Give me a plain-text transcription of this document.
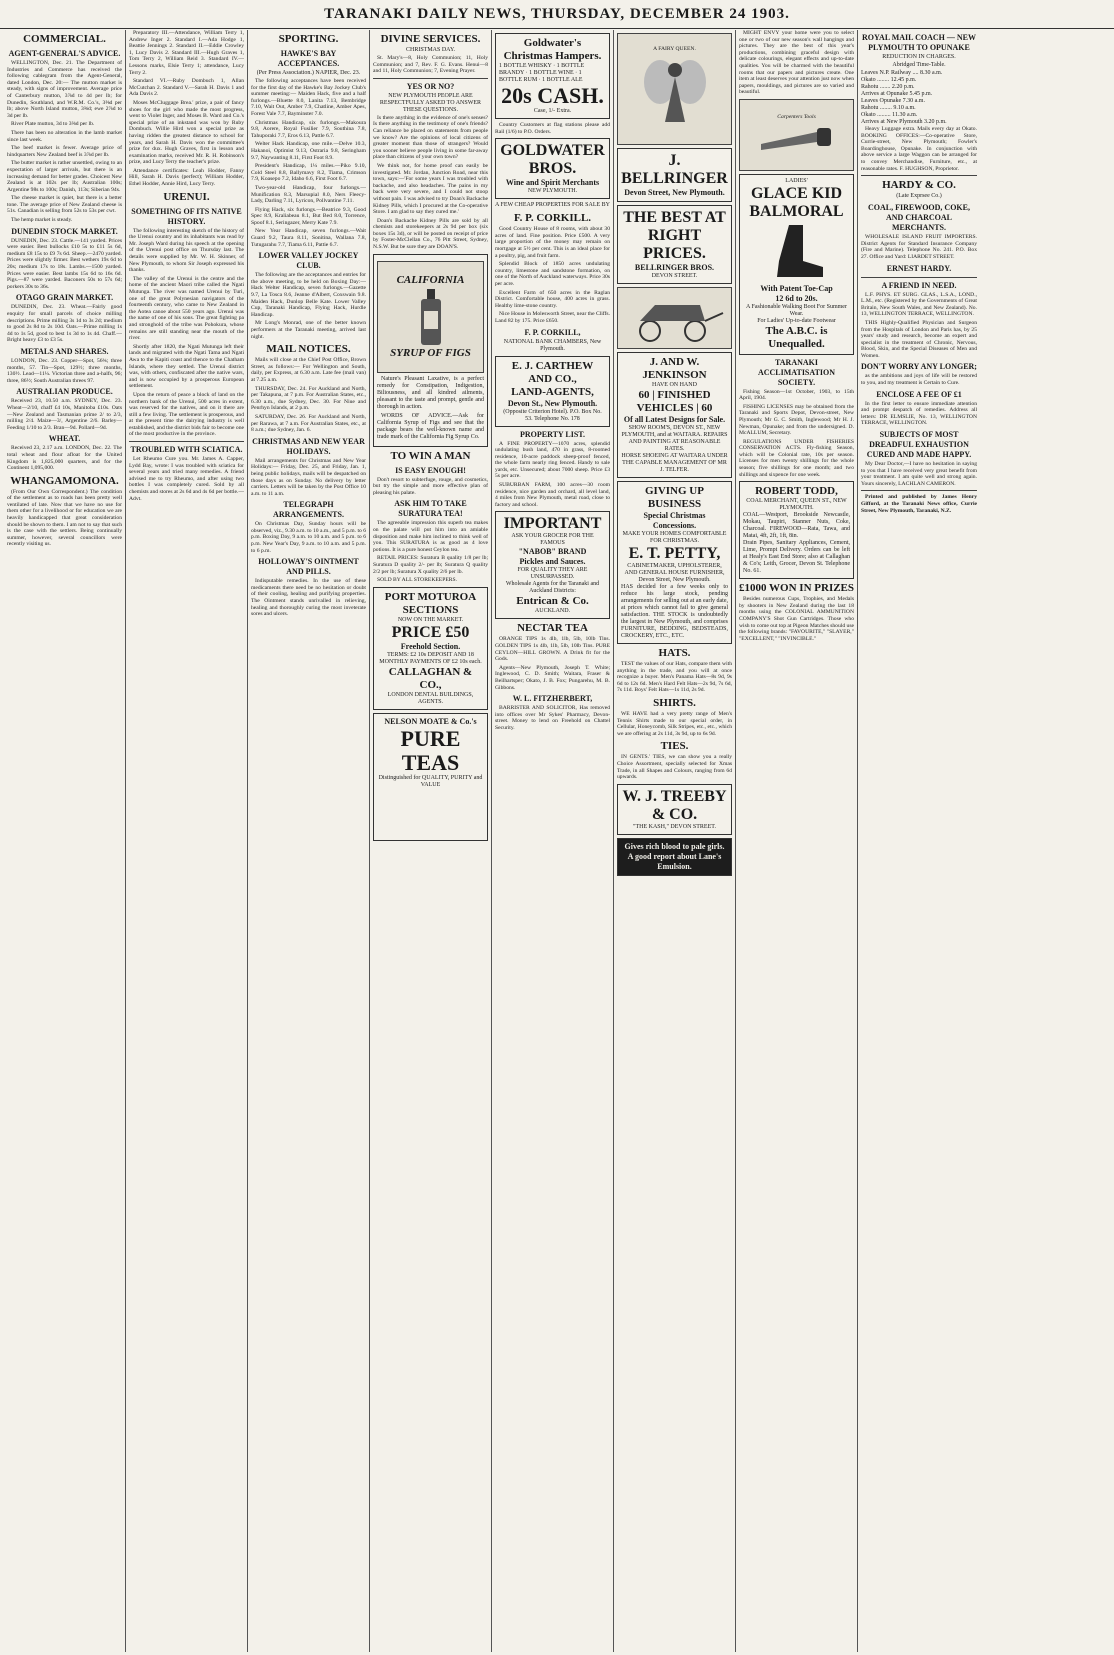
TARANAKI DAILY NEWS, THURSDAY, DECEMBER 24 1903.
COMMERCIAL.
AGENT-GENERAL'S ADVICE.

WELLINGTON, Dec. 21. The Department of Industries and Commerce has received the following cablegram from the Agent-General, dated London, Dec. 20:— The mutton market is steady, with signs of improvement. Average price of Canterbury mutton, 3⅞d to 4d per lb; for Dunedin, Southland, and W.R.M. Co.'s, 3⅝d per lb; above North Island mutton, 3⅜d; ewe 2⅞d to 3d per lb.

River Plate mutton, 3d to 3⅜d per lb.

There has been no alteration in the lamb market since last week.

The beef market is fewer. Average price of hindquarters New Zealand beef is 3⅞d per lb.

The butter market is rather unsettled, owing to an expectation of larger arrivals, but there is an increasing demand for better grades. Choicest New Zealand is at 102s per lb; Australian 100s; Argentine 98s to 100s; Danish, 113s; Siberian 94s.

The cheese market is quiet, but there is a better tone. The average price of New Zealand cheese is 51s. Canadian is selling from 52s to 53s per cwt.

The hemp market is steady.

DUNEDIN STOCK MARKET.

DUNEDIN, Dec. 23. Cattle.—141 yarded. Prices were easier. Best bullocks £10 5s to £11 5s 6d, medium £8 15s to £9 7s 6d. Sheep.—2470 yarded. Prices were slightly firmer. Best wethers 19s 6d to 20s; medium 17s to 18s. Lambs.—1500 yarded. Prices were easier. Best lambs 15s 6d to 16s 6d. Pigs.—87 were yarded. Baconers 50s to 57s 6d; porkers 30s to 36s.

OTAGO GRAIN MARKET.

DUNEDIN, Dec. 23. Wheat.—Fairly good enquiry for small parcels of choice milling descriptions. Prime milling 3s 1d to 3s 2d; medium to good 2s 8d to 2s 10d. Oats.—Prime milling 1s 4d to 1s 5d, good to best 1s 3d to 1s 4d. Chaff.—Bright heavy £3 to £3 5s.

METALS AND SHARES.

LONDON, Dec. 23. Copper—Spot, 56¾; three months, 57. Tin—Spot, 129½; three months, 130½. Lead—11¼. Victorian three and a-halfs, 96; three, 86½; South Australian threes 97.

AUSTRALIAN PRODUCE.

Received 23, 10.50 a.m. SYDNEY, Dec. 23. Wheat—2/10, chaff £4 10s, Manitoba £10s. Oats—New Zealand and Tasmanian prime 2/ to 2/3, milling 2/4. Maize—3/, Argentine 2/6. Barley—Feeding 1/10 to 2/3. Bran—9d. Pollard—9d.

WHEAT.

Received 23, 2.17 a.m. LONDON, Dec. 22. The total wheat and flour afloat for the United Kingdom is 1,825,000 quarters, and for the Continent 1,095,000.

WHANGAMOMONA.

(From Our Own Correspondent.) The condition of the settlement as to roads has been pretty well ventilated of late. Now that we have no use for them other for a livelihood or for education we are heavily handicapped that great consideration should be shown to them. I am not to say that such is the case with the settlers. Being continually summer, however, several councillors were recently visiting us.

Preparatory III.—Attendance, William Terry 1, Andrew Inger 2. Standard I.—Ada Hodge 1, Beattie Jennings 2. Standard II.—Eddie Crowley 1, Lucy Davis 2. Standard III.—Hugh Graves 1, Tom Terry 2, William Reid 3. Standard IV.—Lessons marks, Elsie Terry 1; attendance, Lucy Terry 2.

Standard VI.—Ruby Dombuch 1, Allan McCutchan 2. Standard V.—Sarah H. Davis 1 and Ada Davis 2.

Moses McCluggage Brea.' prize, a pair of fancy shoes for the girl who made the most progress, went to Violet Inger, and Moses B. Ward and Co.'s special prize of an inkstand was won by Ruby Dombuch. Willie Hird won a special prize as having ridden the greatest distance to school for years, and Sarah H. Davis won the committee's prize for dux. Hugh Graves, first in lesson and examination marks, received Mr. R. H. Robinson's prize, and Lucy Terry the teacher's prize.

Attendance certificates: Leah Hodder, Fanny Hill, Sarah H. Davis (perfect); William Hodder, Ethel Hodder, Annie Hird, Lucy Terry.

URENUI.
SOMETHING OF ITS NATIVE HISTORY.

The following interesting sketch of the history of the Urenui country and its inhabitants was read by Mr. Joseph Ward during his speech at the opening of the Urenui post office on Thursday last. The details were supplied by Mr. W. H. Skinner, of New Plymouth, to whom Sir Joseph expressed his thanks.

The valley of the Urenui is the centre and the home of the ancient Maori tribe called the Ngati Mutunga. The river was named Urenui by Turi, one of the great Polynesian navigators of the fourteenth century, who came to New Zealand in the Aotea canoe about 550 years ago. Urenui was the name of one of his sons. The great fighting pa and stronghold of the tribe was Pohokura, whose remains are still standing near the mouth of the river.

Shortly after 1820, the Ngati Mutunga left their lands and migrated with the Ngati Tama and Ngati Awa to the Kapiti coast and thence to the Chatham Islands, where they settled. The Urenui district was, with others, confiscated after the native wars, and is now occupied by a prosperous European settlement.

Upon the return of peace a block of land on the northern bank of the Urenui, 500 acres in extent, was reserved for the natives, and on it there are still a few living. The settlement is prosperous, and at the present time the dairying industry is well established, and the district bids fair to become one of the most productive in the province.

TROUBLED WITH SCIATICA.

Let Rheumo Cure you. Mr. James A. Capper, Lydd Bay, wrote: I was troubled with sciatica for several years and tried many remedies. A friend advised me to try Rheumo, and after using two bottles I was completely cured. Sold by all chemists and stores at 2s 6d and 4s 6d per bottle.—Advt.

SPORTING.
HAWKE'S BAY ACCEPTANCES.
(Per Press Association.) NAPIER, Dec. 23.

The following acceptances have been received for the first day of the Hawke's Bay Jockey Club's summer meeting:— Maiden Hack, five and a half furlongs.—Bluette 8.0, Lanita 7.13, Bembridge 7.10, Wait Out, Amber 7.9, Chatline, Amber Apes, Forest Vale 7.7, Bayminster 7.0.

Christmas Handicap, six furlongs.—Makoura 9.8, Aorere, Royal Fusilier 7.9, Southina 7.8, Tahuporaki 7.7, Eros 6.13, Pattle 6.7.

Welter Hack Handicap, one mile.—Delve 10.3, Hakanoi, Optimist 9.13, Ostraria 9.8, Seringham 9.7, Naywanting 8.11, First Foot 8.9.

President's Handicap, 1¼ miles.—Piko 9.10, Cold Steel 8.8, Ballymavy 8.2, Tiama, Crimson 7.9, Koasepo 7.2, Idaho 6.6, First Foot 6.7.

Two-year-old Handicap, four furlongs.—Munification 8.3, Marsupial 8.0, Ners Fleecy-Lady, Darling 7.11, Lyricon, Pollvantine 7.11.

Flying Hack, six furlongs.—Beatrice 9.3, Good Spec 8.9, Kraliabeau 8.1, But Bed 8.0, Torrence, Spoof 8.1, Seringazer, Merry Kate 7.9.

New Year Handicap, seven furlongs.—Wait Guard 9.2, Taura 8.11, Sonitina, Wallana 7.8, Tutugarahu 7.7, Tiama 6.11, Pattie 6.7.

LOWER VALLEY JOCKEY CLUB.

The following are the acceptances and entries for the above meeting, to be held on Boxing Day:— Hack Welter Handicap, seven furlongs.—Gazette 9.7, La Tosca 8.6, Jeanne d'Albert, Coxswain 9.8. Maiden Hack, Dunlop Belle Kate. Lower Valley Cup, Taranaki Handicap, Flying Hack, Hurdle Handicap.

Mr Long's Monrad, one of the better known performers at the Taranaki meeting, arrived last night.

MAIL NOTICES.

Mails will close at the Chief Post Office, Brown Street, as follows:— For Wellington and South, daily, per Express, at 6.30 a.m. Late fee (mail van) at 7.25 a.m.

THURSDAY, Dec. 24. For Auckland and North, per Takapuna, at 7 p.m. For Australian States, etc., 6.30 a.m., due Sydney, Dec. 30. For Niue and Penrhyn Islands, at 2 p.m.

SATURDAY, Dec. 26. For Auckland and North, per Rarawa, at 7 a.m. For Australian States, etc., at 8 a.m.; due Sydney, Jan. 6.

CHRISTMAS AND NEW YEAR HOLIDAYS.

Mail arrangements for Christmas and New Year Holidays:— Friday, Dec. 25, and Friday, Jan. 1, being public holidays, mails will be despatched on those days as on Sunday. No delivery by letter carriers. Letters will be taken by the Post Office 10 a.m. to 11 a.m.

TELEGRAPH ARRANGEMENTS.

On Christmas Day, Sunday hours will be observed, viz., 9.30 a.m. to 10 a.m., and 5 p.m. to 6 p.m. Boxing Day, 9 a.m. to 10 a.m. and 5 p.m. to 6 p.m. New Year's Day, 9 a.m. to 10 a.m. and 5 p.m. to 6 p.m.

HOLLOWAY'S OINTMENT AND PILLS.

Indisputable remedies. In the use of these medicaments there need be no hesitation or doubt of their cooling, healing and purifying properties. The Ointment stands unrivalled in relieving, healing and thoroughly curing the most inveterate sores and ulcers.

DIVINE SERVICES.
CHRISTMAS DAY.

St. Mary's—8, Holy Communion; 11, Holy Communion; and 7, Rev. F. G. Evans. Henui—8 and 11, Holy Communion; 7, Evening Prayer.

YES OR NO?
NEW PLYMOUTH PEOPLE ARE RESPECTFULLY ASKED TO ANSWER THESE QUESTIONS.

Is there anything in the evidence of one's senses? Is there anything in the testimony of one's friends? Can reliance be placed on statements from people we know? Are the opinions of local citizens of greater moment than those of strangers? Would you sooner believe people living in some far-away place than citizens of your own town?

We think not, for home proof can easily be investigated. Mr. Jordan, Junction Road, near this town, says:—'For some years I was troubled with backache, and also headaches. The pains in my back were very severe, and I could not stoop without pain. I was advised to try Doan's Backache Kidney Pills, which I procured at the Co-operative Store. I am glad to say they cured me.'

Doan's Backache Kidney Pills are sold by all chemists and storekeepers at 2s 9d per box (six boxes 15s 3d), or will be posted on receipt of price by Foster-McClellan Co., 76 Pitt Street, Sydney, N.S.W. But be sure they are DOAN'S.

CALIFORNIA
SYRUP OF FIGS

Nature's Pleasant Laxative, is a perfect remedy for Constipation, Indigestion, Biliousness, and all kindred ailments, pleasant to the taste and prompt, gentle and thorough in action.

WORDS OF ADVICE.—Ask for California Syrup of Figs and see that the package bears the well-known name and trade mark of the California Fig Syrup Co.

TO WIN A MAN
IS EASY ENOUGH!

Don't resort to subterfuge, rouge, and cosmetics, but try the simple and more effective plan of pleasing his palate.

ASK HIM TO TAKE SURATURA TEA!

The agreeable impression this superb tea makes on the palate will put him into an amiable disposition and make him inclined to think well of you. This SURATURA is as good as 4 love potions. It is a pure honest Ceylon tea.

RETAIL PRICES: Suratura B quality 1/8 per lb; Suratura D quality 2/- per lb; Suratura Q quality 2/2 per lb; Suratura X quality 2/6 per lb.

SOLD BY ALL STOREKEEPERS.

PORT MOTUROA SECTIONS
NOW ON THE MARKET.
PRICE £50
Freehold Section.
TERMS: £2 10s DEPOSIT AND 18 MONTHLY PAYMENTS OF £2 10s each.
CALLAGHAN & CO.,
LONDON DENTAL BUILDINGS, AGENTS.
NELSON MOATE & Co.'s
PURE TEAS
Distinguished for QUALITY, PURITY and VALUE
Goldwater's Christmas Hampers.
1 BOTTLE WHISKY · 1 BOTTLE BRANDY · 1 BOTTLE WINE · 1 BOTTLE RUM · 1 BOTTLE ALE
20s CASH.
Case, 1/- Extra.

Country Customers at flag stations please add Rail (1/6) to P.O. Orders.

GOLDWATER BROS.
Wine and Spirit Merchants
NEW PLYMOUTH.
A FEW CHEAP PROPERTIES FOR SALE BY
F. P. CORKILL.

Good Country House of 8 rooms, with about 30 acres of land. Fine position. Price £500. A very large proportion of the money may remain on mortgage at 5½ per cent. This is an ideal place for a poultry, pig, and fruit farm.

Splendid Block of 1850 acres undulating country, limestone and sandstone formation, on one of the North of Auckland waterways. Price 30s per acre.

Excellent Farm of 650 acres in the Raglan District. Comfortable house, 400 acres in grass. Healthy lime-stone country.

Nice House in Molesworth Street, near the Cliffs. Land 82 by 175. Price £650.

F. P. CORKILL,
NATIONAL BANK CHAMBERS, New Plymouth.
E. J. CARTHEW AND CO.,
LAND-AGENTS,
Devon St., New Plymouth.
(Opposite Criterion Hotel). P.O. Box No. 53. Telephone No. 178
PROPERTY LIST.

A FINE PROPERTY—1070 acres, splendid undulating bush land, 470 in grass, 8-roomed residence, 10-acre paddock sheep-proof fenced, the whole farm nearly ring fenced. Handy to sale yards, etc. Unsecured; about 7000 sheep. Price £3 5s per acre.

SUBURBAN FARM, 100 acres—30 room residence, nice garden and orchard, all level land, 4 miles from New Plymouth, metal road, close to factory and school.

IMPORTANT
ASK YOUR GROCER FOR THE FAMOUS
"NABOB" BRAND
Pickles and Sauces.
FOR QUALITY THEY ARE UNSURPASSED.
Wholesale Agents for the Taranaki and Auckland Districts:
Entrican & Co.
AUCKLAND.
NECTAR TEA

ORANGE TIPS 1s 4lb, 1lb, 5lb, 10lb Tins. GOLDEN TIPS 1s 4lb, 1lb, 5lb, 10lb Tins. PURE CEYLON—HILL GROWN. A Drink fit for the Gods.

Agents—New Plymouth, Joseph T. White; Inglewood, C. D. Smith; Waitara, Fraser & Beilhartsper; Okato, J. B. Fox; Pungarehu, M. B. Gibbons.

W. L. FITZHERBERT,

BARRISTER AND SOLICITOR, Has removed into offices over Mr Sykes' Pharmacy, Devon-street. Money to lend on Freehold on Chattel Security.

A FAIRY QUEEN.
J. BELLRINGER
Devon Street, New Plymouth.
THE BEST AT RIGHT PRICES.
BELLRINGER BROS.
DEVON STREET.
J. AND W. JENKINSON
HAVE ON HAND
60 | FINISHED VEHICLES | 60
Of all Latest Designs for Sale.
SHOW ROOM'S, DEVON ST., NEW PLYMOUTH, and at WAITARA. REPAIRS AND PAINTING AT REASONABLE RATES.
HORSE SHOEING AT WAITARA UNDER THE CAPABLE MANAGEMENT OF MR J. TELFER.
GIVING UP BUSINESS
Special Christmas Concessions.
MAKE YOUR HOMES COMFORTABLE FOR CHRISTMAS.
E. T. PETTY,
CABINETMAKER, UPHOLSTERER, AND GENERAL HOUSE FURNISHER, Devon Street, New Plymouth.
HAS decided for a few weeks only to reduce his large stock, pending arrangements for selling out at an early date, at prices which cannot fail to give general satisfaction. THE STOCK is undoubtedly the largest in New Plymouth, and comprises FURNITURE, BEDDING, BEDSTEADS, CROCKERY, ETC., ETC.
HATS.

TEST the values of our Hats, compare them with anything in the trade, and you will at once recognize a buyer. Men's Panama Hats—8s 9d, 9s 6d to 12s 6d. Men's Hard Felt Hats—2s 9d, 7s 6d, 7s 11d. Boys' Felt Hats—1s 11d, 2s 9d.

SHIRTS.

WE HAVE had a very pretty range of Men's Tennis Shirts made to our special order, in Cellular, Honeycomb, Silk Stripes, etc., etc., which we are offering at 2s 11d, 3s 9d, up to 6s 9d.

TIES.

IN GENTS.' TIES, we can show you a really Choice Assortment, specially selected for Xmas Trade, in all Shapes and Colours, ranging from 6d upwards.

W. J. TREEBY & CO.
"THE KASH," DEVON STREET.
Gives rich blood to pale girls. A good report about Lane's Emulsion.

MIGHT ENVY your home were you to select one or two of our new season's wall hangings and pictures. They are the best of this year's productions, combining graceful design with delicate colourings, elegant effects and up-to-date qualities. You will be charmed with the beautiful rooms that our papers and pictures create. One item at least deserves your attention just now when papers, mouldings, and pictures are so varied and beautiful.

Carpenters Tools
LADIES'
GLACE KID BALMORAL
With Patent Toe-Cap
12 6d to 20s.
A Fashionable Walking Boot For Summer Wear.
For Ladies' Up-to-date Footwear
The A.B.C. is Unequalled.
TARANAKI ACCLIMATISATION SOCIETY.

Fishing Season—1st October, 1903, to 15th April, 1904.

FISHING LICENSES may be obtained from the Taranaki and Sports Depot, Devon-street, New Plymouth; Mr G. C. Smith, Inglewood; Mr H. J. Newman, Opunake; and from the undersigned. D. McALLUM, Secretary.

REGULATIONS UNDER FISHERIES CONSERVATION ACTS. Fly-fishing Season, which will be Colonial rate, 10s per season. Licenses for men twenty shillings for the whole season; five shillings for one month; and two shillings and sixpence for one week.

ROBERT TODD,
COAL MERCHANT, QUEEN ST., NEW PLYMOUTH.
COAL—Westport, Brookside Newcastle, Mokau, Taupiri, Stanner Nuts, Coke, Charcoal. FIREWOOD—Rata, Tawa, and Matai, 4ft, 2ft, 1ft, 8in.
Drain Pipes, Sanitary Appliances, Cement, Lime, Prompt Delivery. Orders can be left at Healy's East End Store; also at Callaghan & Co's; Leith, Grocer, Devon St. Telephone No. 61.
£1000 WON IN PRIZES

Besides numerous Cups, Trophies, and Medals by shooters in New Zealand during the last 18 months using the COLONIAL AMMUNITION COMPANY'S Shot Gun Cartridges. Those who wish to come out top at Pigeon Matches should use the following brands: "FAVOURITE," "SLAYER," "EXCELLENT," "INVINCIBLE."

ROYAL MAIL COACH — NEW PLYMOUTH TO OPUNAKE
REDUCTION IN CHARGES.
Abridged Time-Table.
Leaves N.P. Railway .... 8.30 a.m.
Okato ........ 12.45 p.m.
Rahotu ....... 2.20 p.m.
Arrives at Opunake 5.45 p.m.
Leaves Opunake 7.30 a.m.
Rahotu ........ 9.10 a.m.
Okato ......... 11.30 a.m.
Arrives at New Plymouth 3.20 p.m.

Heavy Luggage extra. Mails every day at Okato. BOOKING OFFICES:—Co-operative Store, Currie-street, New Plymouth; Fowler's Boardinghouse, Opunake. In conjunction with above service a large Waggon can be arranged for to convey Merchandise, Furniture, etc., at reasonable rates. F. HUGHSON, Proprietor.

HARDY & CO.
(Late Exprsee Co.)
COAL, FIREWOOD, COKE, AND CHARCOAL MERCHANTS.

WHOLESALE ISLAND FRUIT IMPORTERS. District Agents for Standard Insurance Company (Fire and Marine). Telephone No. 241. P.O. Box 27. Office and Yard: LIARDET STREET.

ERNEST HARDY.
A FRIEND IN NEED.

L.F. PHYS. ET SURG. GLAS., L.S.A., LOND., L.M., etc. (Registered by the Governments of Great Britain, New South Wales, and New Zealand). No. 13, WELLINGTON TERRACE, WELLINGTON.

THIS Highly-Qualified Physician and Surgeon from the Hospitals of London and Paris has, by 25 years' study and research, become an expert and specialist in the treatment of Chronic, Nervous, Blood, Skin, and the Special Diseases of Men and Women.

DON'T WORRY ANY LONGER;

as the ambitions and joys of life will be restored to you, and my treatment is Certain to Cure.

ENCLOSE A FEE OF £1

In the first letter to ensure immediate attention and prompt despatch of remedies. Address all letters: DR ELMSLIE, No. 13, WELLINGTON TERRACE, WELLINGTON.

SUBJECTS OF MOST DREADFUL EXHAUSTION CURED AND MADE HAPPY.

My Dear Doctor,—I have no hesitation in saying to you that I have received very great benefit from your treatment. I am quite well and strong again. Yours sincerely, LACHLAN CAMERON.

Printed and published by James Henry Gifford, at the Taranaki News office, Currie Street, New Plymouth, Taranaki, N.Z.
